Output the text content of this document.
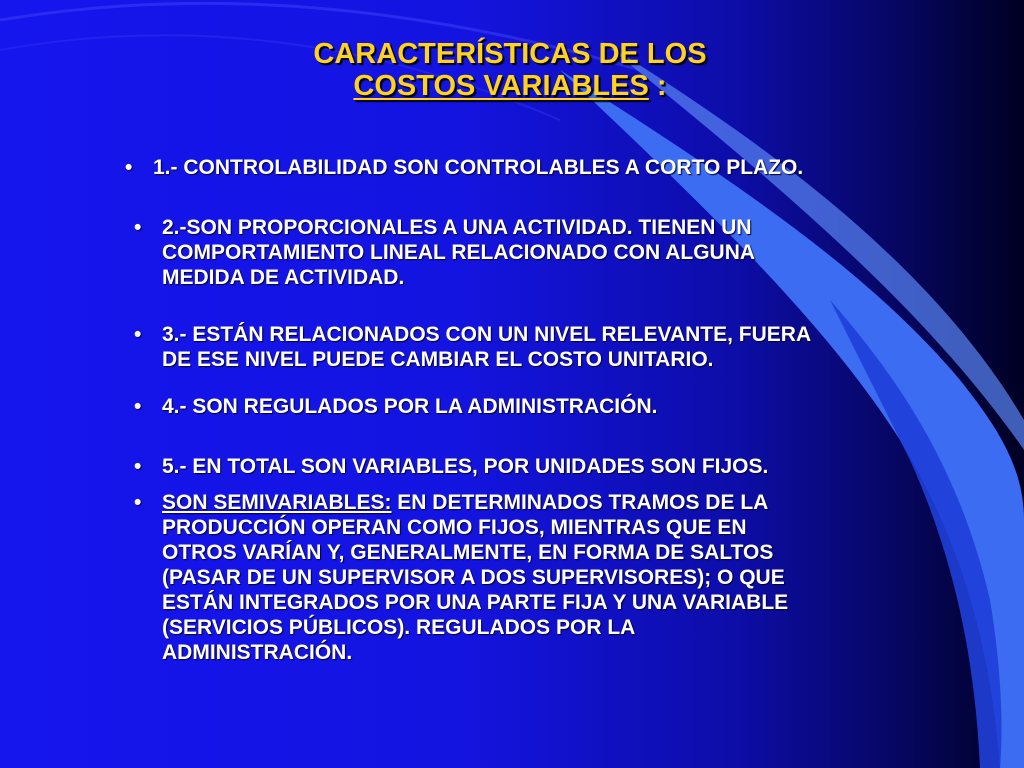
CARACTERÍSTICAS DE LOS
COSTOS VARIABLES :
• 1.- CONTROLABILIDAD SON CONTROLABLES A CORTO PLAZO.
• 2.-SON PROPORCIONALES A UNA ACTIVIDAD. TIENEN UN
COMPORTAMIENTO LINEAL RELACIONADO CON ALGUNA
MEDIDA DE ACTIVIDAD.
• 3.- ESTÁN RELACIONADOS CON UN NIVEL RELEVANTE, FUERA
DE ESE NIVEL PUEDE CAMBIAR EL COSTO UNITARIO.
• 4.- SON REGULADOS POR LA ADMINISTRACIÓN.
• 5.- EN TOTAL SON VARIABLES, POR UNIDADES SON FIJOS.
• SON SEMIVARIABLES: EN DETERMINADOS TRAMOS DE LA
PRODUCCIÓN OPERAN COMO FIJOS, MIENTRAS QUE EN
OTROS VARÍAN Y, GENERALMENTE, EN FORMA DE SALTOS
(PASAR DE UN SUPERVISOR A DOS SUPERVISORES); O QUE
ESTÁN INTEGRADOS POR UNA PARTE FIJA Y UNA VARIABLE
(SERVICIOS PÚBLICOS). REGULADOS POR LA
ADMINISTRACIÓN.
